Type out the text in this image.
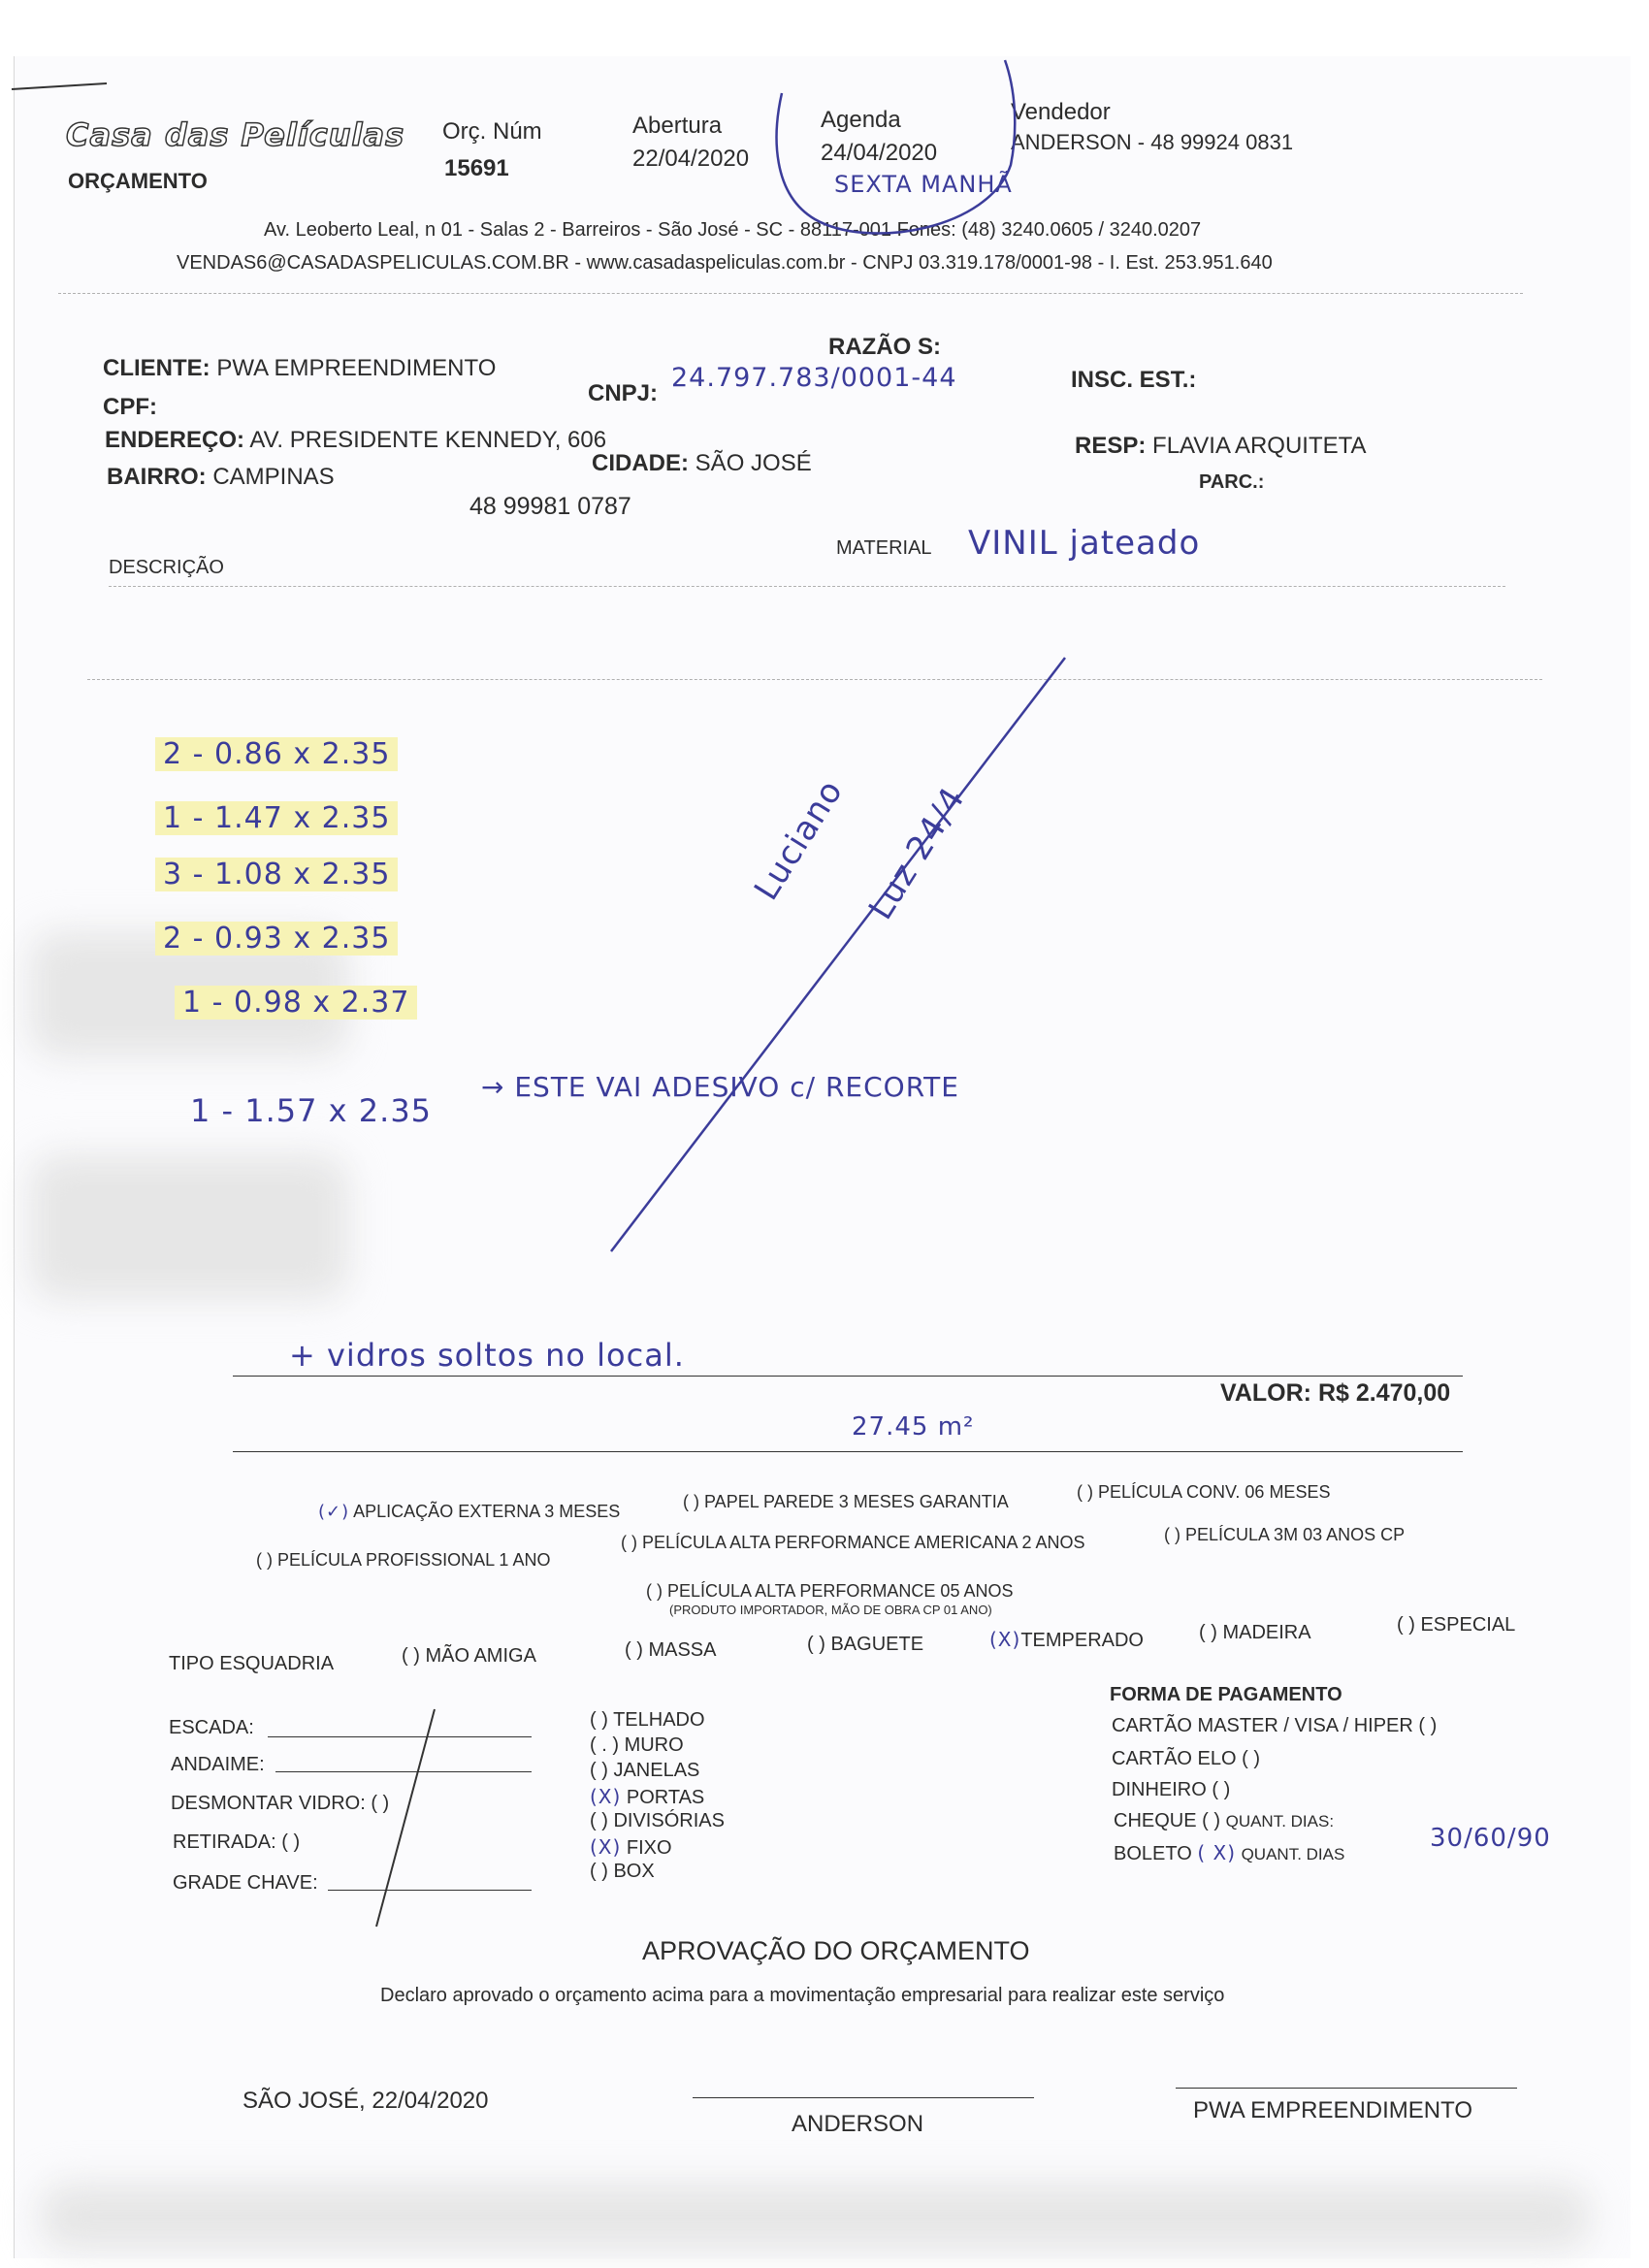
Casa das Películas
ORÇAMENTO
Orç. Núm
15691
Abertura
22/04/2020
Agenda
24/04/2020
SEXTA MANHÃ
Vendedor
ANDERSON - 48 99924 0831
Av. Leoberto Leal, n 01 - Salas 2 - Barreiros - São José - SC - 88117-001 Fones: (48) 3240.0605 / 3240.0207
VENDAS6@CASADASPELICULAS.COM.BR - www.casadaspeliculas.com.br - CNPJ 03.319.178/0001-98 - I. Est. 253.951.640
CLIENTE: PWA EMPREENDIMENTO
RAZÃO S:
CPF:
CNPJ:
24.797.783/0001-44	INSC. EST.:
ENDEREÇO: AV. PRESIDENTE KENNEDY, 606	RESP: FLAVIA ARQUITETA
BAIRRO: CAMPINAS
CIDADE: SÃO JOSÉ
PARC.:
48 99981 0787
DESCRIÇÃO
MATERIAL VINIL jateado
2 - 0.86 x 2.35
1 - 1.47 x 2.35
3 - 1.08 x 2.35
2 - 0.93 x 2.35
1 - 0.98 x 2.37
1 - 1.57 x 2.35
→ ESTE VAI ADESIVO c/ RECORTE
Luciano Luz 24/4
+ vidros soltos no local.
VALOR: R$ 2.470,00
27.45 m²
(✓) APLICAÇÃO EXTERNA 3 MESES	( ) PAPEL PAREDE 3 MESES GARANTIA	( ) PELÍCULA CONV. 06 MESES
( ) PELÍCULA PROFISSIONAL 1 ANO
( ) PELÍCULA ALTA PERFORMANCE AMERICANA 2 ANOS	( ) PELÍCULA 3M 03 ANOS CP
( ) PELÍCULA ALTA PERFORMANCE 05 ANOS
(PRODUTO IMPORTADOR, MÃO DE OBRA CP 01 ANO)
TIPO ESQUADRIA	( ) MÃO AMIGA	( ) MASSA	( ) BAGUETE	(X)TEMPERADO	( ) MADEIRA	( ) ESPECIAL
ESCADA:
ANDAIME:
DESMONTAR VIDRO: ( )
RETIRADA: ( )
GRADE CHAVE:
( ) TELHADO
( . ) MURO
( ) JANELAS
(X) PORTAS
( ) DIVISÓRIAS
(X) FIXO
( ) BOX
FORMA DE PAGAMENTO
CARTÃO MASTER / VISA / HIPER ( )
CARTÃO ELO ( )
DINHEIRO ( )
CHEQUE ( ) QUANT. DIAS:
BOLETO ( X) QUANT. DIAS
30/60/90
APROVAÇÃO DO ORÇAMENTO
Declaro aprovado o orçamento acima para a movimentação empresarial para realizar este serviço
SÃO JOSÉ, 22/04/2020
ANDERSON
PWA EMPREENDIMENTO
